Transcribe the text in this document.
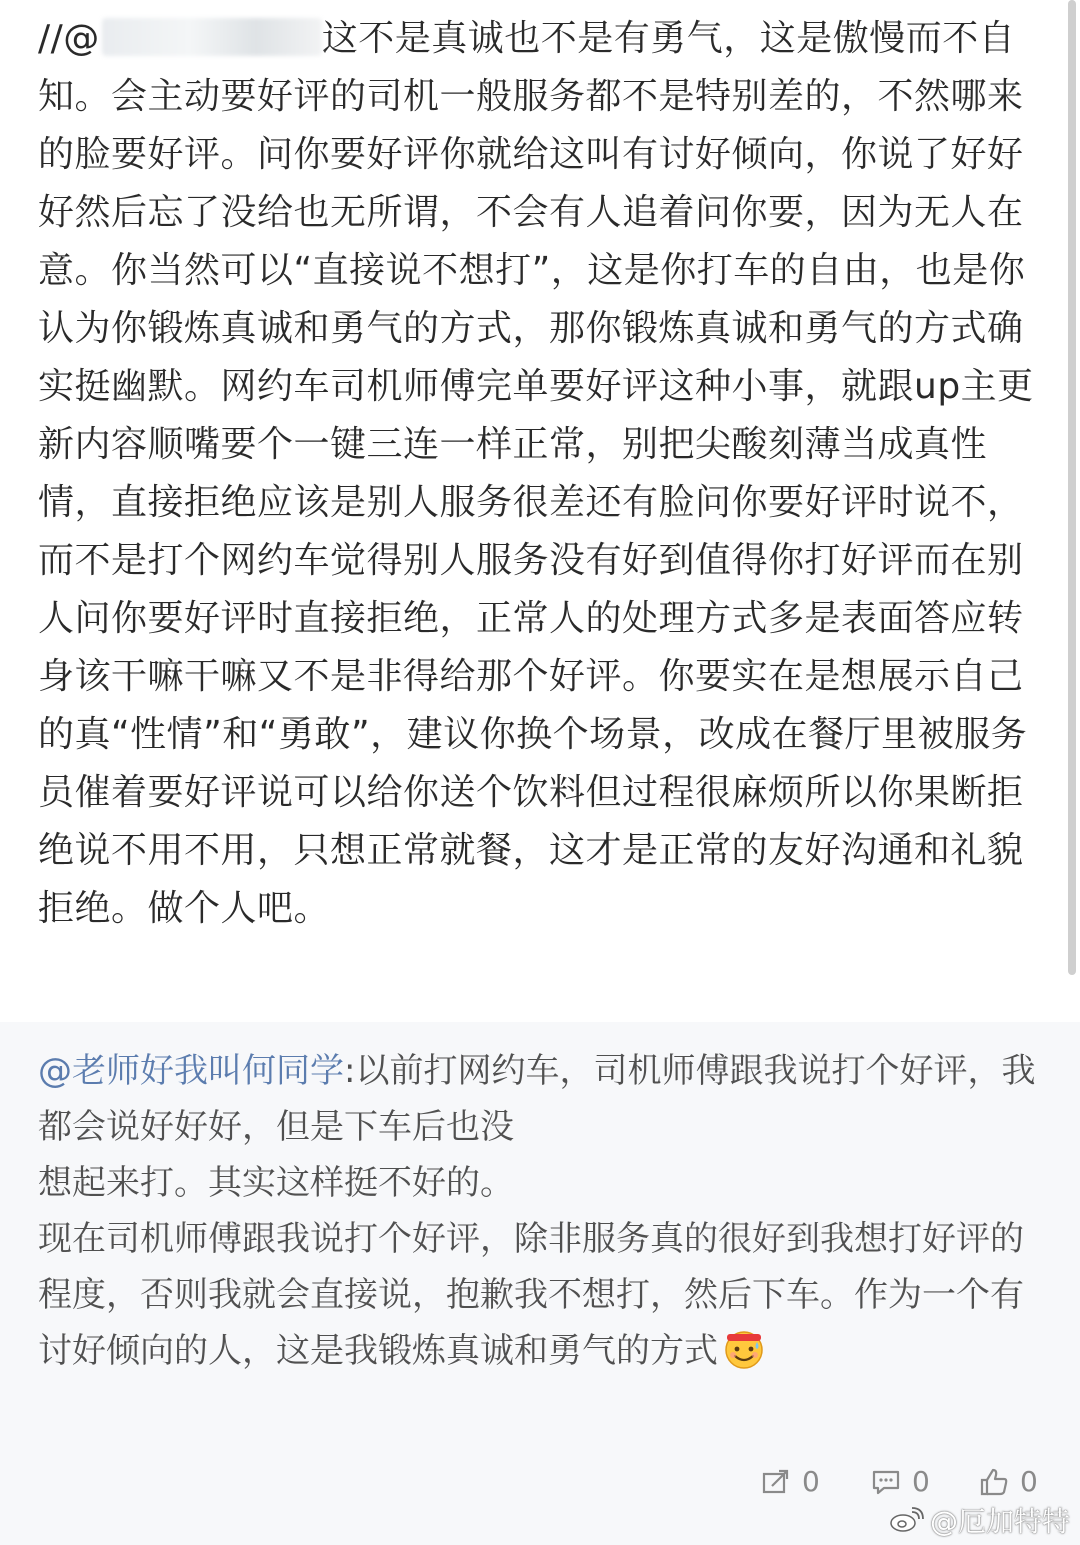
//@	这不是真诚也不是有勇气，这是傲慢而不自知。会主动要好评的司机一般服务都不是特别差的，不然哪来的脸要好评。问你要好评你就给这叫有讨好倾向，你说了好好好然后忘了没给也无所谓，不会有人追着问你要，因为无人在意。你当然可以“直接说不想打”，这是你打车的自由，也是你认为你锻炼真诚和勇气的方式，那你锻炼真诚和勇气的方式确实挺幽默。网约车司机师傅完单要好评这种小事，就跟up主更新内容顺嘴要个一键三连一样正常，别把尖酸刻薄当成真性情，直接拒绝应该是别人服务很差还有脸问你要好评时说不，而不是打个网约车觉得别人服务没有好到值得你打好评而在别人问你要好评时直接拒绝，正常人的处理方式多是表面答应转身该干嘛干嘛又不是非得给那个好评。你要实在是想展示自己的真“性情”和“勇敢”，建议你换个场景，改成在餐厅里被服务员催着要好评说可以给你送个饮料但过程很麻烦所以你果断拒绝说不用不用，只想正常就餐，这才是正常的友好沟通和礼貌拒绝。做个人吧。

@老师好我叫何同学:以前打网约车，司机师傅跟我说打个好评，我都会说好好好，但是下车后也没

想起来打。其实这样挺不好的。

现在司机师傅跟我说打个好评，除非服务真的很好到我想打好评的程度，否则我就会直接说，抱歉我不想打，然后下车。作为一个有讨好倾向的人，这是我锻炼真诚和勇气的方式

0	0	0
@厄加特特
